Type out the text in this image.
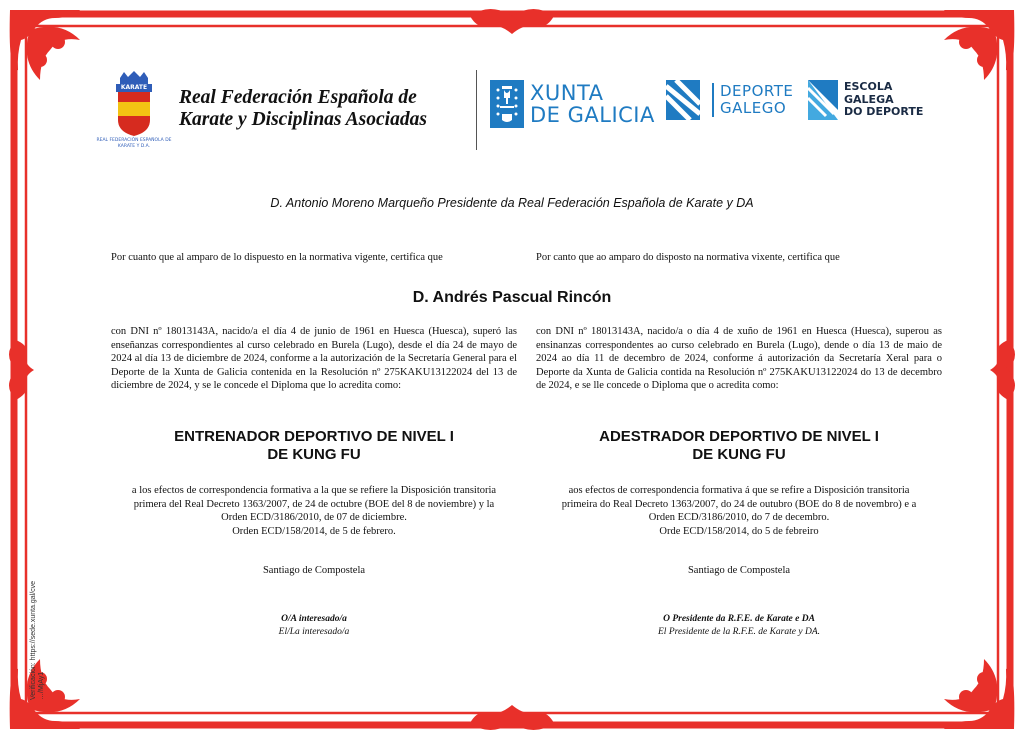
KARATE
REAL FEDERACIÓN ESPAÑOLA DE KARATE Y D.A.
Real Federación Española de
Karate y Disciplinas Asociadas
XUNTA
DE GALICIA
DEPORTE
GALEGO
ESCOLA
GALEGA
DO DEPORTE
D. Antonio Moreno Marqueño Presidente da Real Federación Española de Karate y DA
Por cuanto que al amparo de lo dispuesto en la normativa vigente, certifica que	Por canto que ao amparo do disposto na normativa vixente, certifica que
D. Andrés Pascual Rincón
con DNI nº 18013143A, nacido/a el día 4 de junio de 1961 en Huesca (Huesca), superó las enseñanzas correspondientes al curso celebrado en Burela (Lugo), desde el día 24 de mayo de 2024 al día 13 de diciembre de 2024, conforme a la autorización de la Secretaría General para el Deporte de la Xunta de Galicia contenida en la Resolución nº 275KAKU13122024 del 13 de diciembre de 2024, y se le concede el Diploma que lo acredita como:
con DNI nº 18013143A, nacido/a o día 4 de xuño de 1961 en Huesca (Huesca), superou as ensinanzas correspondentes ao curso celebrado en Burela (Lugo), dende o día 13 de maio de 2024 ao día 11 de decembro de 2024, conforme á autorización da Secretaría Xeral para o Deporte da Xunta de Galicia contida na Resolución nº 275KAKU13122024 do 13 de decembro de 2024, e se lle concede o Diploma que o acredita como:
ENTRENADOR DEPORTIVO DE NIVEL I
DE KUNG FU
ADESTRADOR DEPORTIVO DE NIVEL I
DE KUNG FU
a los efectos de correspondencia formativa a la que se refiere la Disposición transitoria
primera del Real Decreto 1363/2007, de 24 de octubre (BOE del 8 de noviembre) y la
Orden ECD/3186/2010, de 07 de diciembre.
Orden ECD/158/2014, de 5 de febrero.
aos efectos de correspondencia formativa á que se refire a Disposición transitoria
primeira do Real Decreto 1363/2007, do 24 de outubro (BOE do 8 de novembro) e a
Orden ECD/3186/2010, do 7 de decembro.
Orde ECD/158/2014, do 5 de febreiro
Santiago de Compostela	Santiago de Compostela
O/A interesado/a
El/La interesado/a
O Presidente da R.F.E. de Karate e DA
El Presidente de la R.F.E. de Karate y DA.
Verificación: https://sede.xunta.gal/cve …/MjAy1
